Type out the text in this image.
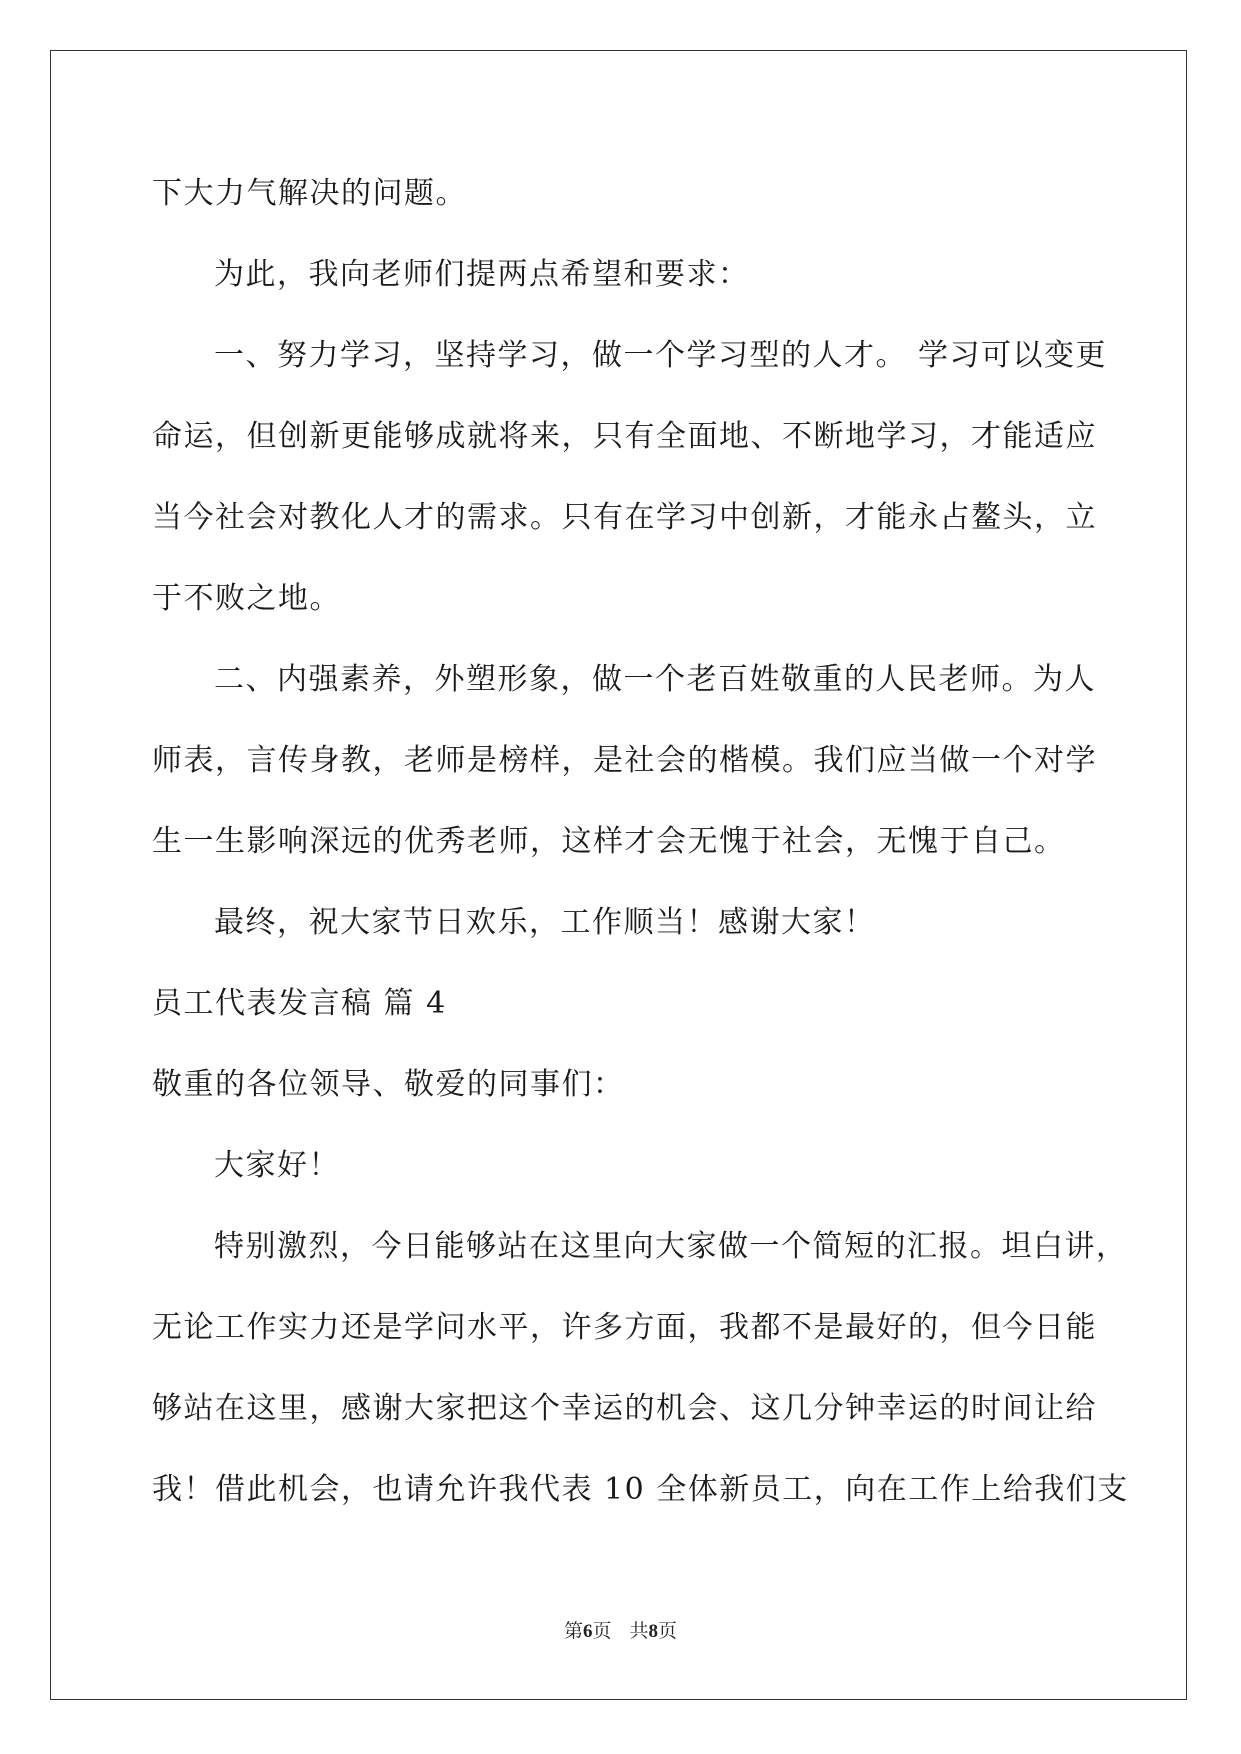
下大力气解决的问题。
为此，我向老师们提两点希望和要求：
一、努力学习，坚持学习，做一个学习型的人才。 学习可以变更
命运，但创新更能够成就将来，只有全面地、不断地学习，才能适应
当今社会对教化人才的需求。只有在学习中创新，才能永占鳌头，立
于不败之地。
二、内强素养，外塑形象，做一个老百姓敬重的人民老师。为人
师表，言传身教，老师是榜样，是社会的楷模。我们应当做一个对学
生一生影响深远的优秀老师，这样才会无愧于社会，无愧于自己。
最终，祝大家节日欢乐，工作顺当！感谢大家！
员工代表发言稿 篇 4
敬重的各位领导、敬爱的同事们：
大家好！
特别激烈，今日能够站在这里向大家做一个简短的汇报。坦白讲，
无论工作实力还是学问水平，许多方面，我都不是最好的，但今日能
够站在这里，感谢大家把这个幸运的机会、这几分钟幸运的时间让给
我！借此机会，也请允许我代表 10 全体新员工，向在工作上给我们支
第6页 共8页
